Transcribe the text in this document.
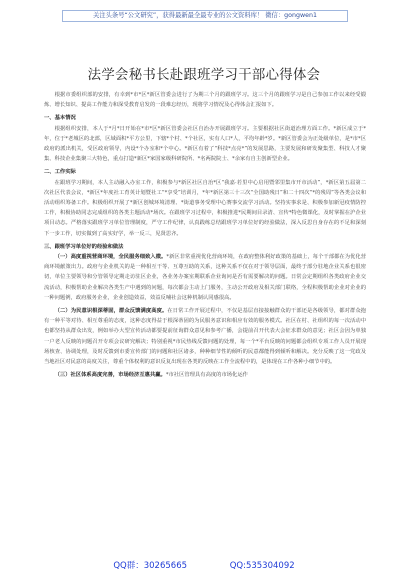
关注头条号“公文研究”，获得最新最全最专业的公文资料库！ 微信：gongwen1
法学会秘书长赴跟班学习干部心得体会

根据市委组织部的安排，有幸到*市*区*新区管委会进行了为期三个月的跟班学习。这三个月的跟班学习是自己参加工作以来经受锻炼、增长知识、提高工作能力和深受教育启发的一段难忘经历，现将学习情况及心得体会汇报如下。

一、基本情况

根据组织安排，本人于*月*日开始在*市*区*新区管委会社区自治办开展跟班学习。主要根据社区街道治理方面工作。*新区成立于*年，位于*老城区的北部，区域面积*平方公里，下辖*个村、*个社区，实有人口*人，平均年龄*岁。*新区管委会为正处级单位，是*市*区政府的派出机关，受区政府领导，内设*个办室和*个中心。*新区有着了“科技*点亮*”的发展思路，主要发展和研发聚集型、科技人才聚集、科技企业集聚三大特色，重点打造*新区*家国家级科研院所、*名两院院士、*余家有自主创新型企业。

二、工作实际

在跟班学习期间，本人主动融入办室工作，积极参与*新区社区自治*区“我嘉·若里中心启用暨邻里集市开市活动”，*新区第五届第二次社区代表会议，*新区*年度社工育英计划暨社工“*享受”培训月，*年*新区第三十三次“全国助残日”和二十四次“*的残周”等各类会议和活动组织筹备工作。积极组织开展了*新区创城环境清理、*街道事务受理中心赛事交流学习活动。坚持实事求是、积极参加新冠疫情防控工作，积极协助同志完成组织的各类主题活动*场次。在跟班学习过程中，积极推进*民期间目录清、宣传*特色微课化，及时掌握在沪企业项目动态。严格落实跟班学习单位管理制度，严守工作纪律，认真践练总结跟班学习单位好的经验做法，深入反思自身存在的不足和深刻下一步工作，切实做到了高实好学，举一反三，见贤思齐。

三、跟班学习单位好的经验和做法

（一）高度重视营商环境，全民服务细致入微。*新区非常重视优化营商环境，在政府整体利好政策的基础上，每个干部都在为优化营商环境献策出力。政府与企业机关的是一种相互干等、互尊互助的关系，这种关系不仅在对于领导层面，最终于部分驻地企业关系也很密切，单位主要领导和分管领导定期走访驻区企业，各业务办案室期联系企业询问是否有需要解决的问题。日常会定期组织各类政府企业交流活动，积极帮助企业解决各类生产中遇到的问题，每次都会主动上门服务，主动公开政府及相关部门联络，全程积极帮助企业对企业的一种问题例，政府服务企业，企业创造效益，效益反哺社会这种机制认同感很高。

（二）为民意识根深蒂固，群众反馈满度高度。在日常工作开展过程中，不仅是基层直接接触群众的干部还是各级领导，都对群众抱有一种平等对待、相互尊重的态度，这种态度得益于根深蒂固的为民服务意识和相应有效的服务模式。社区在村、社组织的每一次活动中也都坚持从群众出发，例如举办大型宣传活动都要提前征询群众意见和参考广播，会提前召开代表大会征求群众的意见；社区会因为单独一户老人反映的问题召开专项会议研究解决；特别重视*市民热线反馈问题的处理，每一个*平台反映的问题都会组织专项工作人员开展现场核查、协调处理，及时反馈到市委宣传部门的问题和社区诸多，种种细节性的倾听的民意都能得到倾听和解决。充分反映了这一党政及当地社区对民意的高度关注，尊重个体权利的意识反复出现在各类的反映在工作全流程中的，是体现在工作各种小细节中的。

（三）社区体系高度完善，市场经济互惠共赢。*市社区管理具有高度的市场化运作

QQ群：30265665	QQ:535304092
